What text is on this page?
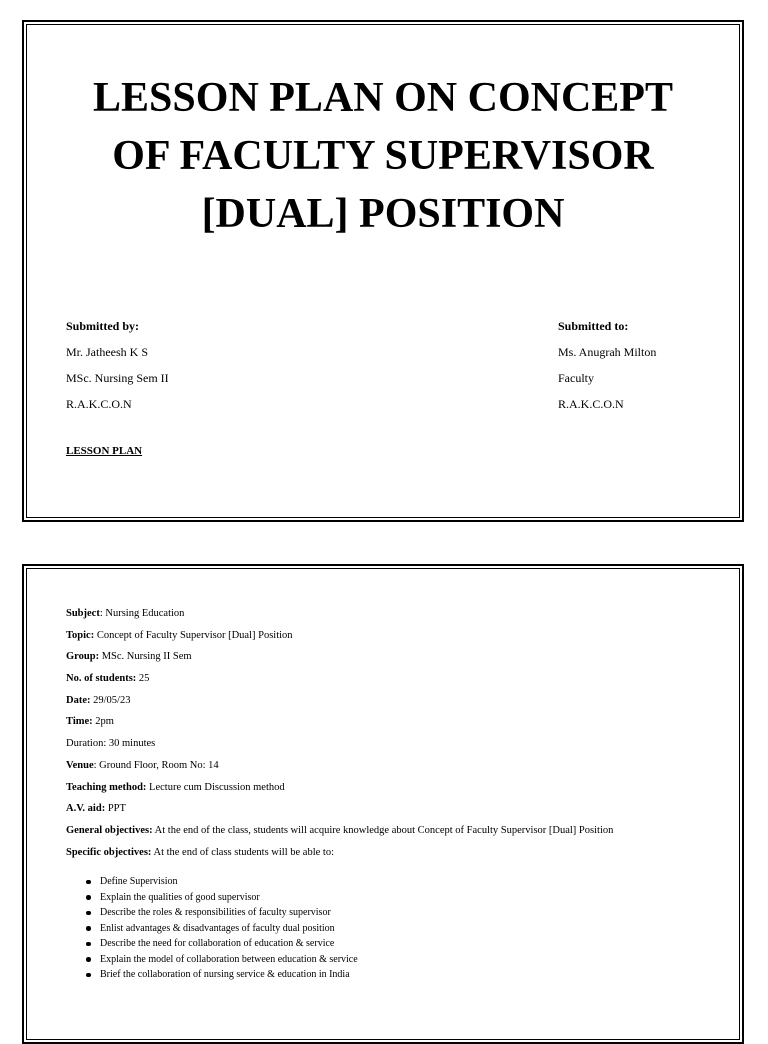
LESSON PLAN ON CONCEPT
OF FACULTY SUPERVISOR
[DUAL] POSITION
Submitted by:
Mr. Jatheesh K S
MSc. Nursing Sem II
R.A.K.C.O.N
Submitted to:
Ms. Anugrah Milton
Faculty
R.A.K.C.O.N
LESSON PLAN
Subject: Nursing Education
Topic: Concept of Faculty Supervisor [Dual] Position
Group: MSc. Nursing II Sem
No. of students: 25
Date: 29/05/23
Time: 2pm
Duration: 30 minutes
Venue: Ground Floor, Room No: 14
Teaching method: Lecture cum Discussion method
A.V. aid: PPT
General objectives: At the end of the class, students will acquire knowledge about Concept of Faculty Supervisor [Dual] Position
Specific objectives: At the end of class students will be able to:
Define Supervision
Explain the qualities of good supervisor
Describe the roles & responsibilities of faculty supervisor
Enlist advantages & disadvantages of faculty dual position
Describe the need for collaboration of education & service
Explain the model of collaboration between education & service
Brief the collaboration of nursing service & education in India
